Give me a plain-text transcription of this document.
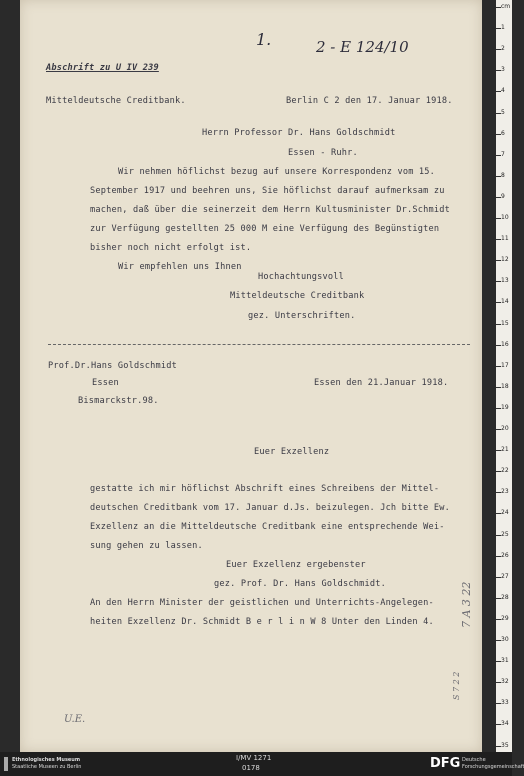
Abschrift zu U IV 239
1.	2 - E 124/10
Mitteldeutsche Creditbank.	Berlin C 2 den 17. Januar 1918.
Herrn Professor Dr. Hans Goldschmidt
Essen - Ruhr.
Wir nehmen höflichst bezug auf unsere Korrespondenz vom 15.
September 1917 und beehren uns, Sie höflichst darauf aufmerksam zu
machen, daß über die seinerzeit dem Herrn Kultusminister Dr.Schmidt
zur Verfügung gestellten 25 000 M eine Verfügung des Begünstigten
bisher noch nicht erfolgt ist.
Wir empfehlen uns Ihnen
Hochachtungsvoll
Mitteldeutsche Creditbank
gez. Unterschriften.
Prof.Dr.Hans Goldschmidt
Essen	Essen den 21.Januar 1918.
Bismarckstr.98.
Euer Exzellenz
gestatte ich mir höflichst Abschrift eines Schreibens der Mittel-
deutschen Creditbank vom 17. Januar d.Js. beizulegen. Jch bitte Ew.
Exzellenz an die Mitteldeutsche Creditbank eine entsprechende Wei-
sung gehen zu lassen.
Euer Exzellenz ergebenster
gez. Prof. Dr. Hans Goldschmidt.
An den Herrn Minister der geistlichen und Unterrichts-Angelegen-
heiten Exzellenz Dr. Schmidt B e r l i n W 8 Unter den Linden 4.
U.E.
7 A 3 22
S 7 2 2
cm
1
2
3
4
5
6
7
8
9
10
11
12
13
14
15
16
17
18
19
20
21
22
23
24
25
26
27
28
29
30
31
32
33
34
35
Ethnologisches Museum
Staatliche Museen zu Berlin
I/MV 1271
0178	DFG Deutsche
Forschungsgemeinschaft
